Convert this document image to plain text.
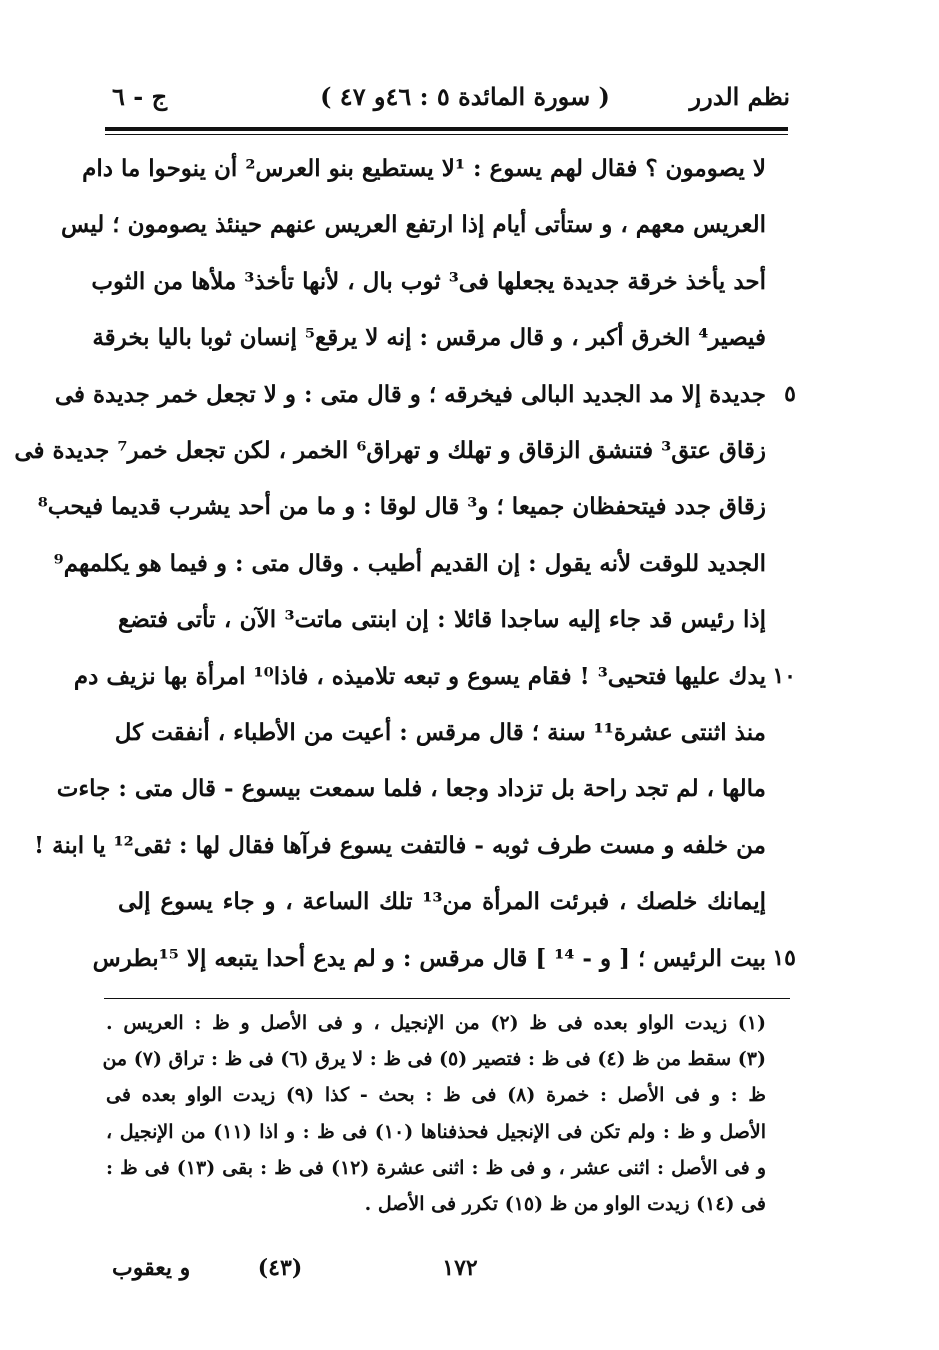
نظم الدرر
( سورة المائدة ٥ : ٤٦و ٤٧ )
ج - ٦
لا يصومون ؟ فقال لهم يسوع : ¹لا يستطيع بنو العرس² أن ينوحوا ما دام
العريس معهم ، و ستأتى أيام إذا ارتفع العريس عنهم حينئذ يصومون ؛ ليس
أحد يأخذ خرقة جديدة يجعلها فى³ ثوب بال ، لأنها تأخذ³ ملأها من الثوب
فيصير⁴ الخرق أكبر ، و قال مرقس : إنه لا يرقع⁵ إنسان ثوبا باليا بخرقة
جديدة إلا مد الجديد البالى فيخرقه ؛ و قال متى : و لا تجعل خمر جديدة فى ٥
زقاق عتق³ فتنشق الزقاق و تهلك و تهراق⁶ الخمر ، لكن تجعل خمر⁷ جديدة فى
زقاق جدد فيتحفظان جميعا ؛ و³ قال لوقا : و ما من أحد يشرب قديما فيحب⁸
الجديد للوقت لأنه يقول : إن القديم أطيب . وقال متى : و فيما هو يكلمهم⁹
إذا رئيس قد جاء إليه ساجدا قائلا : إن ابنتى ماتت³ الآن ، تأتى فتضع
يدك عليها فتحيى³ ! فقام يسوع و تبعه تلاميذه ، فاذا¹⁰ امرأة بها نزيف دم ١٠
منذ اثنتى عشرة¹¹ سنة ؛ قال مرقس : أعيت من الأطباء ، أنفقت كل
مالها ، لم تجد راحة بل تزداد وجعا ، فلما سمعت بيسوع - قال متى : جاءت
من خلفه و مست طرف ثوبه - فالتفت يسوع فرآها فقال لها : ثقى¹² يا ابنة !
إيمانك خلصك ، فبرئت المرأة من¹³ تلك الساعة ، و جاء يسوع إلى
بيت الرئيس ؛ [ و - ¹⁴ ] قال مرقس : و لم يدع أحدا يتبعه إلا ¹⁵بطرس ١٥
(١) زيدت الواو بعده فى ظ (٢) من الإنجيل ، و فى الأصل و ظ : العريس .
(٣) سقط من ظ (٤) فى ظ : فتصير (٥) فى ظ : لا يرق (٦) فى ظ : تراق (٧) من
ظ : و فى الأصل : خمرة (٨) فى ظ : بحث - كذا (٩) زيدت الواو بعده فى
الأصل و ظ : ولم تكن فى الإنجيل فحذفناها (١٠) فى ظ : و اذا (١١) من الإنجيل ،
و فى الأصل : اثنى عشر ، و فى ظ : اثنى عشرة (١٢) فى ظ : بقى (١٣) فى ظ :
فى (١٤) زيدت الواو من ظ (١٥) تكرر فى الأصل .
١٧٢
(٤٣)
و يعقوب
